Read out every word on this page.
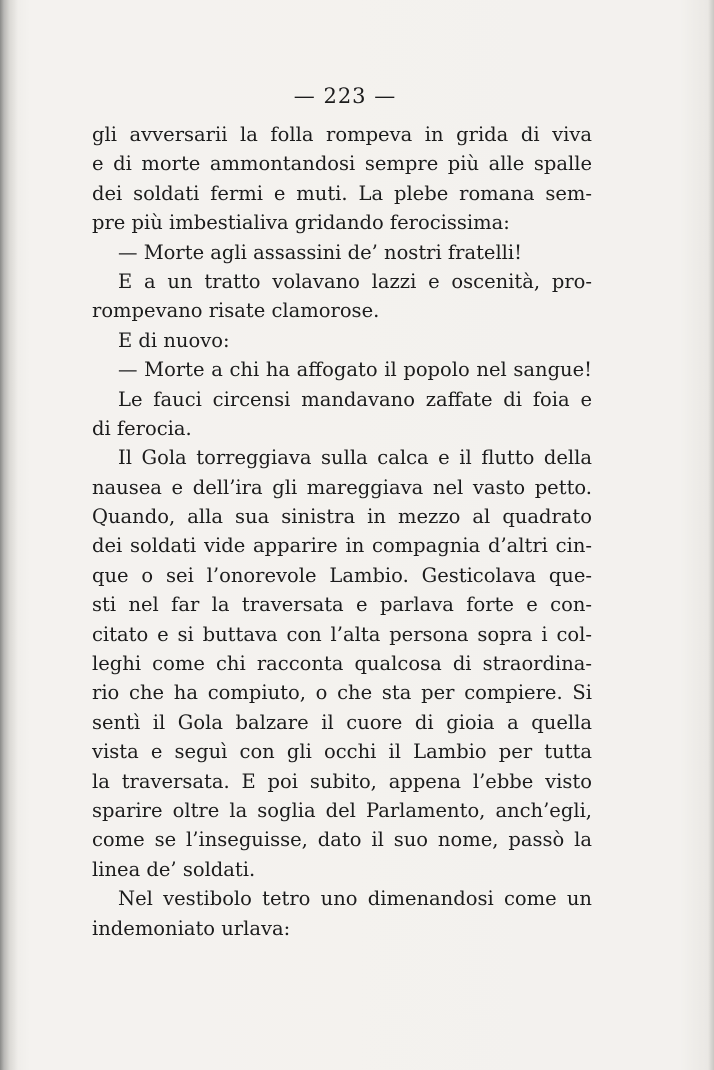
— 223 —
gli avversarii la folla rompeva in grida di viva
e di morte ammontandosi sempre più alle spalle
dei soldati fermi e muti. La plebe romana sem-
pre più imbestialiva gridando ferocissima:
— Morte agli assassini de’ nostri fratelli!
E a un tratto volavano lazzi e oscenità, pro-
rompevano risate clamorose.
E di nuovo:
— Morte a chi ha affogato il popolo nel sangue!
Le fauci circensi mandavano zaffate di foia e
di ferocia.
Il Gola torreggiava sulla calca e il flutto della
nausea e dell’ira gli mareggiava nel vasto petto.
Quando, alla sua sinistra in mezzo al quadrato
dei soldati vide apparire in compagnia d’altri cin-
que o sei l’onorevole Lambio. Gesticolava que-
sti nel far la traversata e parlava forte e con-
citato e si buttava con l’alta persona sopra i col-
leghi come chi racconta qualcosa di straordina-
rio che ha compiuto, o che sta per compiere. Si
sentì il Gola balzare il cuore di gioia a quella
vista e seguì con gli occhi il Lambio per tutta
la traversata. E poi subito, appena l’ebbe visto
sparire oltre la soglia del Parlamento, anch’egli,
come se l’inseguisse, dato il suo nome, passò la
linea de’ soldati.
Nel vestibolo tetro uno dimenandosi come un
indemoniato urlava:
